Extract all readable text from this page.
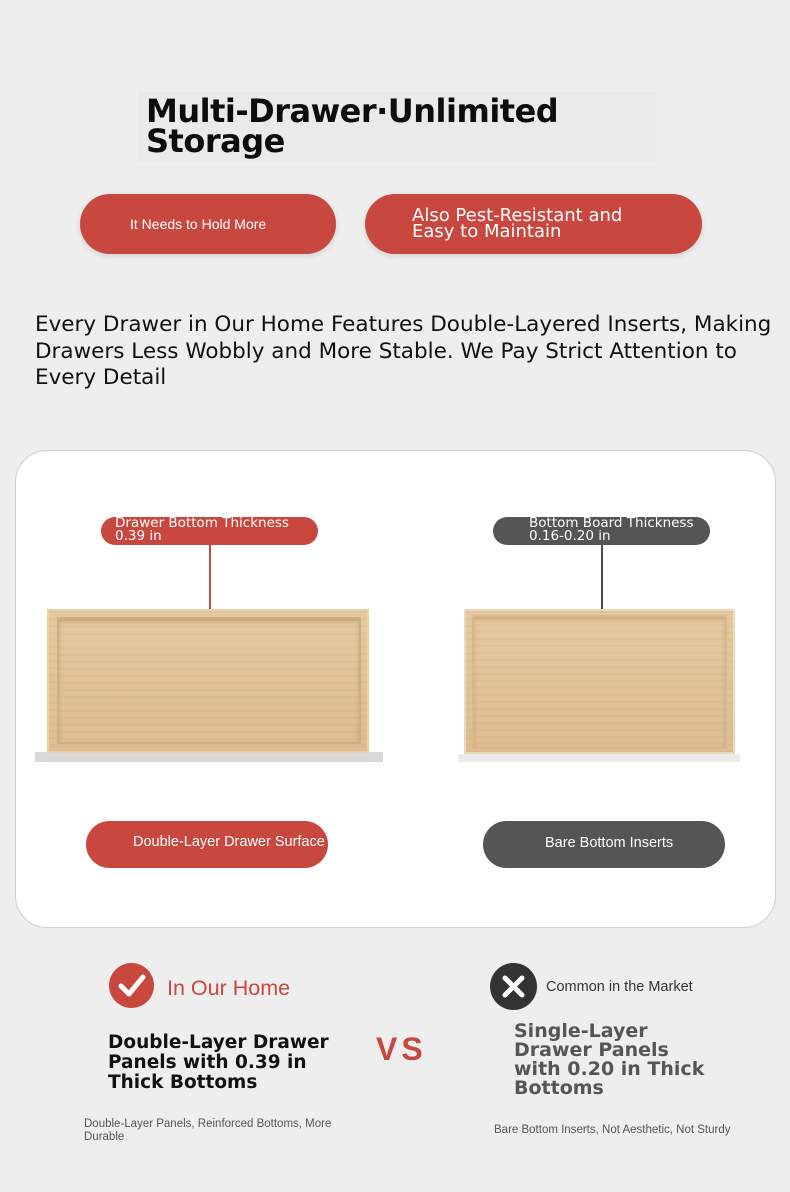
Multi-Drawer·Unlimited Storage
It Needs to Hold More	Also Pest-Resistant and Easy to Maintain

Every Drawer in Our Home Features Double-Layered Inserts, Making Drawers Less Wobbly and More Stable. We Pay Strict Attention to Every Detail

Drawer Bottom Thickness 0.39 in
Bottom Board Thickness 0.16-0.20 in
Double-Layer Drawer Surface	Bare Bottom Inserts
In Our Home	Common in the Market
Double-Layer Drawer Panels with 0.39 in Thick Bottoms
VS	Single-Layer Drawer Panels with 0.20 in Thick Bottoms
Double-Layer Panels, Reinforced Bottoms, More Durable
Bare Bottom Inserts, Not Aesthetic, Not Sturdy
